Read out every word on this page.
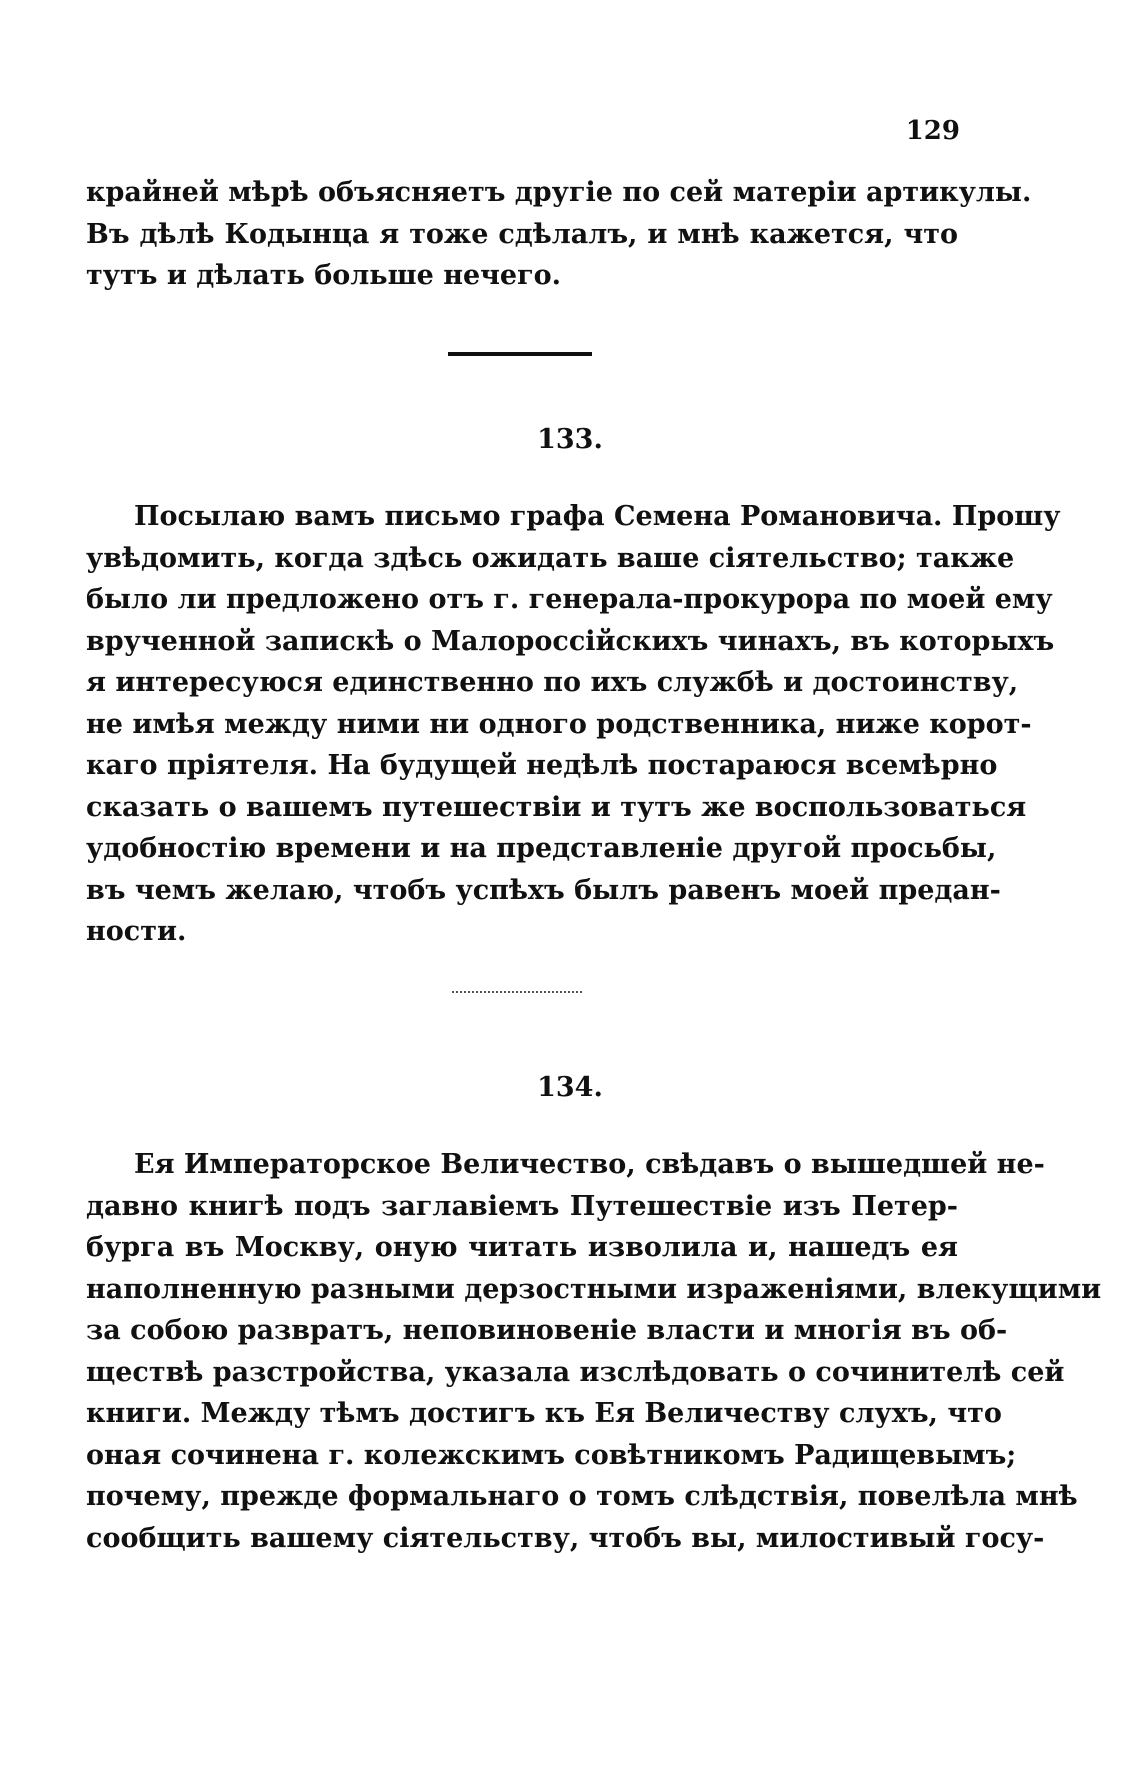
129
крайней мѣрѣ объясняетъ другіе по сей матеріи артикулы.
Въ дѣлѣ Кодынца я тоже сдѣлалъ, и мнѣ кажется, что
тутъ и дѣлать больше нечего.
133.
Посылаю вамъ письмо графа Семена Романовича. Прошу
увѣдомить, когда здѣсь ожидать ваше сіятельство; также
было ли предложено отъ г. генерала-прокурора по моей ему
врученной запискѣ о Малороссійскихъ чинахъ, въ которыхъ
я интересуюся единственно по ихъ службѣ и достоинству,
не имѣя между ними ни одного родственника, ниже корот-
каго пріятеля. На будущей недѣлѣ постараюся всемѣрно
сказать о вашемъ путешествіи и тутъ же воспользоваться
удобностію времени и на представленіе другой просьбы,
въ чемъ желаю, чтобъ успѣхъ былъ равенъ моей предан-
ности.
134.
Ея Императорское Величество, свѣдавъ о вышедшей не-
давно книгѣ подъ заглавіемъ Путешествіе изъ Петер-
бурга въ Москву, оную читать изволила и, нашедъ ея
наполненную разными дерзостными израженіями, влекущими
за собою развратъ, неповиновеніе власти и многія въ об-
ществѣ разстройства, указала изслѣдовать о сочинителѣ сей
книги. Между тѣмъ достигъ къ Ея Величеству слухъ, что
оная сочинена г. колежскимъ совѣтникомъ Радищевымъ;
почему, прежде формальнаго о томъ слѣдствія, повелѣла мнѣ
сообщить вашему сіятельству, чтобъ вы, милостивый госу-
